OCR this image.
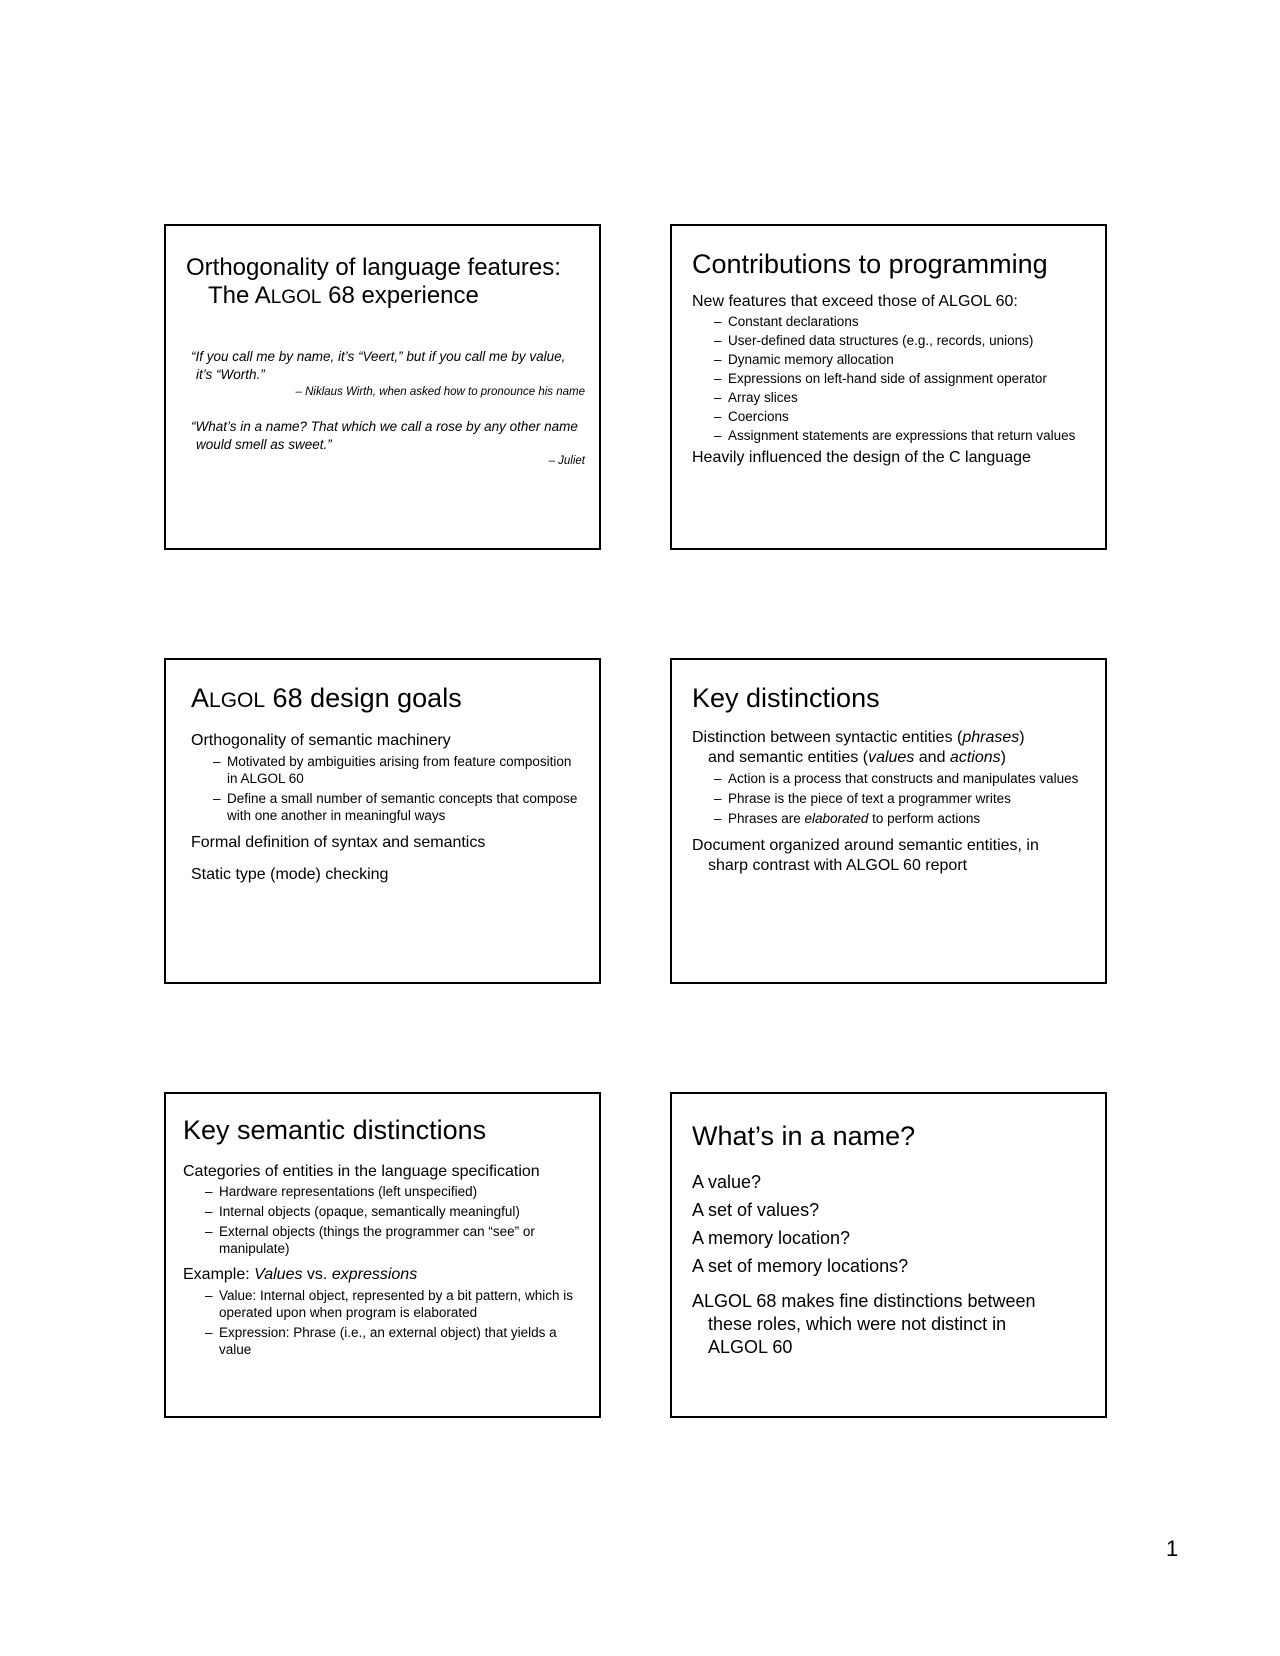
Orthogonality of language features:
The ALGOL 68 experience
“If you call me by name, it’s “Veert,” but if you call me by value, it’s “Worth.”
– Niklaus Wirth, when asked how to pronounce his name
“What’s in a name? That which we call a rose by any other name would smell as sweet.”
– Juliet
Contributions to programming
New features that exceed those of ALGOL 60:
– Constant declarations
– User-defined data structures (e.g., records, unions)
– Dynamic memory allocation
– Expressions on left-hand side of assignment operator
– Array slices
– Coercions
– Assignment statements are expressions that return values
Heavily influenced the design of the C language
ALGOL 68 design goals
Orthogonality of semantic machinery
– Motivated by ambiguities arising from feature composition in ALGOL 60
– Define a small number of semantic concepts that compose with one another in meaningful ways
Formal definition of syntax and semantics
Static type (mode) checking
Key distinctions
Distinction between syntactic entities (phrases)
and semantic entities (values and actions)
– Action is a process that constructs and manipulates values
– Phrase is the piece of text a programmer writes
– Phrases are elaborated to perform actions
Document organized around semantic entities, in
sharp contrast with ALGOL 60 report
Key semantic distinctions
Categories of entities in the language specification
– Hardware representations (left unspecified)
– Internal objects (opaque, semantically meaningful)
– External objects (things the programmer can “see” or manipulate)
Example: Values vs. expressions
– Value: Internal object, represented by a bit pattern, which is operated upon when program is elaborated
– Expression: Phrase (i.e., an external object) that yields a value
What’s in a name?
A value?
A set of values?
A memory location?
A set of memory locations?
ALGOL 68 makes fine distinctions between
these roles, which were not distinct in
ALGOL 60
1
